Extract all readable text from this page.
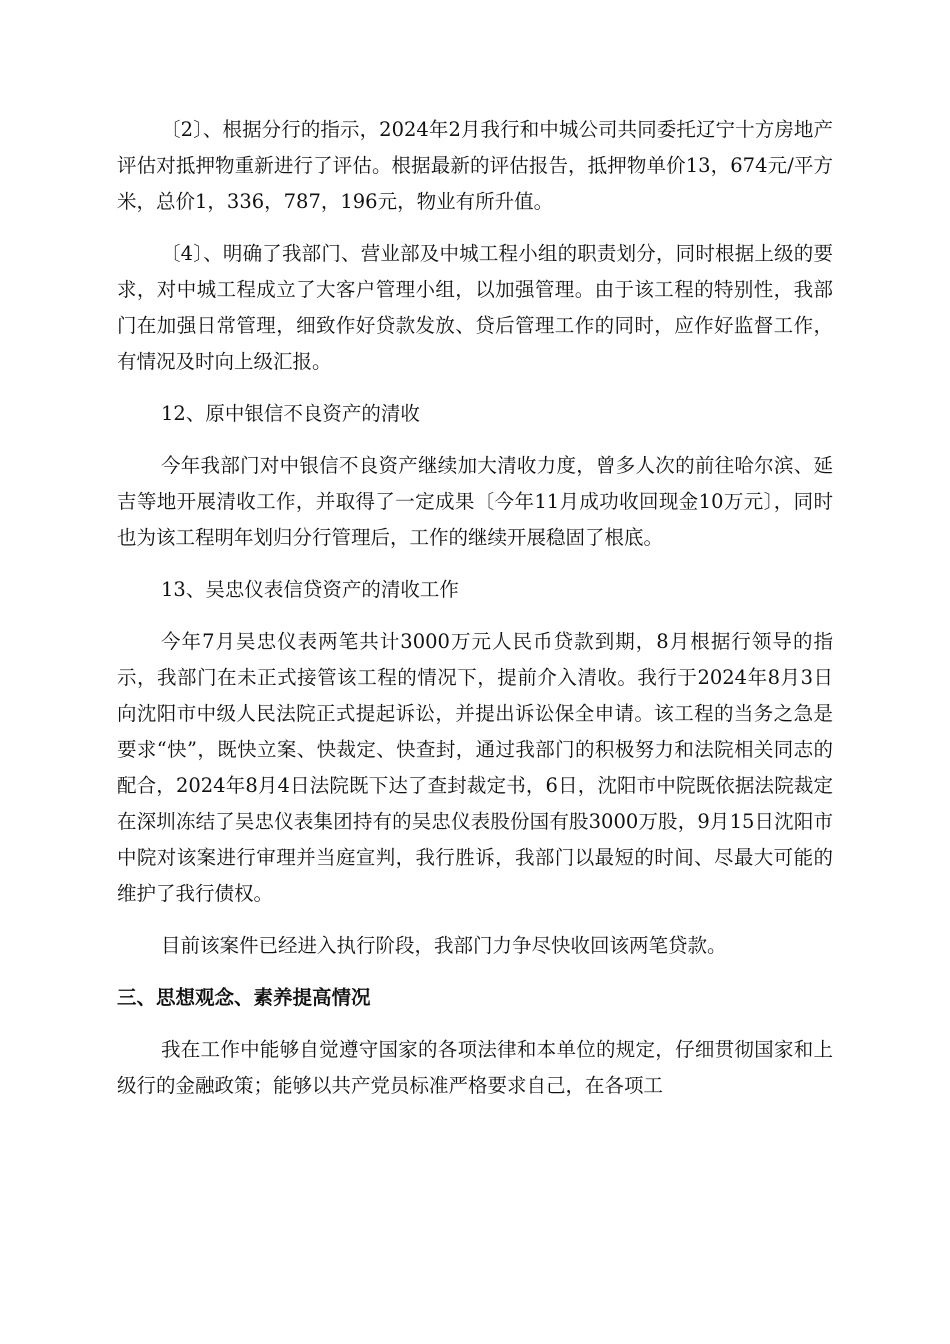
〔2〕、根据分行的指示，2024年2月我行和中城公司共同委托辽宁十方房地产评估对抵押物重新进行了评估。根据最新的评估报告，抵押物单价13，674元/平方米，总价1，336，787，196元，物业有所升值。

〔4〕、明确了我部门、营业部及中城工程小组的职责划分，同时根据上级的要求，对中城工程成立了大客户管理小组，以加强管理。由于该工程的特别性，我部门在加强日常管理，细致作好贷款发放、贷后管理工作的同时，应作好监督工作，有情况及时向上级汇报。

12、原中银信不良资产的清收

今年我部门对中银信不良资产继续加大清收力度，曾多人次的前往哈尔滨、延吉等地开展清收工作，并取得了一定成果〔今年11月成功收回现金10万元〕，同时也为该工程明年划归分行管理后，工作的继续开展稳固了根底。

13、吴忠仪表信贷资产的清收工作

今年7月吴忠仪表两笔共计3000万元人民币贷款到期，8月根据行领导的指示，我部门在未正式接管该工程的情况下，提前介入清收。我行于2024年8月3日向沈阳市中级人民法院正式提起诉讼，并提出诉讼保全申请。该工程的当务之急是要求“快”，既快立案、快裁定、快查封，通过我部门的积极努力和法院相关同志的配合，2024年8月4日法院既下达了查封裁定书，6日，沈阳市中院既依据法院裁定在深圳冻结了吴忠仪表集团持有的吴忠仪表股份国有股3000万股，9月15日沈阳市中院对该案进行审理并当庭宣判，我行胜诉，我部门以最短的时间、尽最大可能的维护了我行债权。

目前该案件已经进入执行阶段，我部门力争尽快收回该两笔贷款。

三、思想观念、素养提高情况

我在工作中能够自觉遵守国家的各项法律和本单位的规定，仔细贯彻国家和上级行的金融政策；能够以共产党员标准严格要求自己，在各项工
